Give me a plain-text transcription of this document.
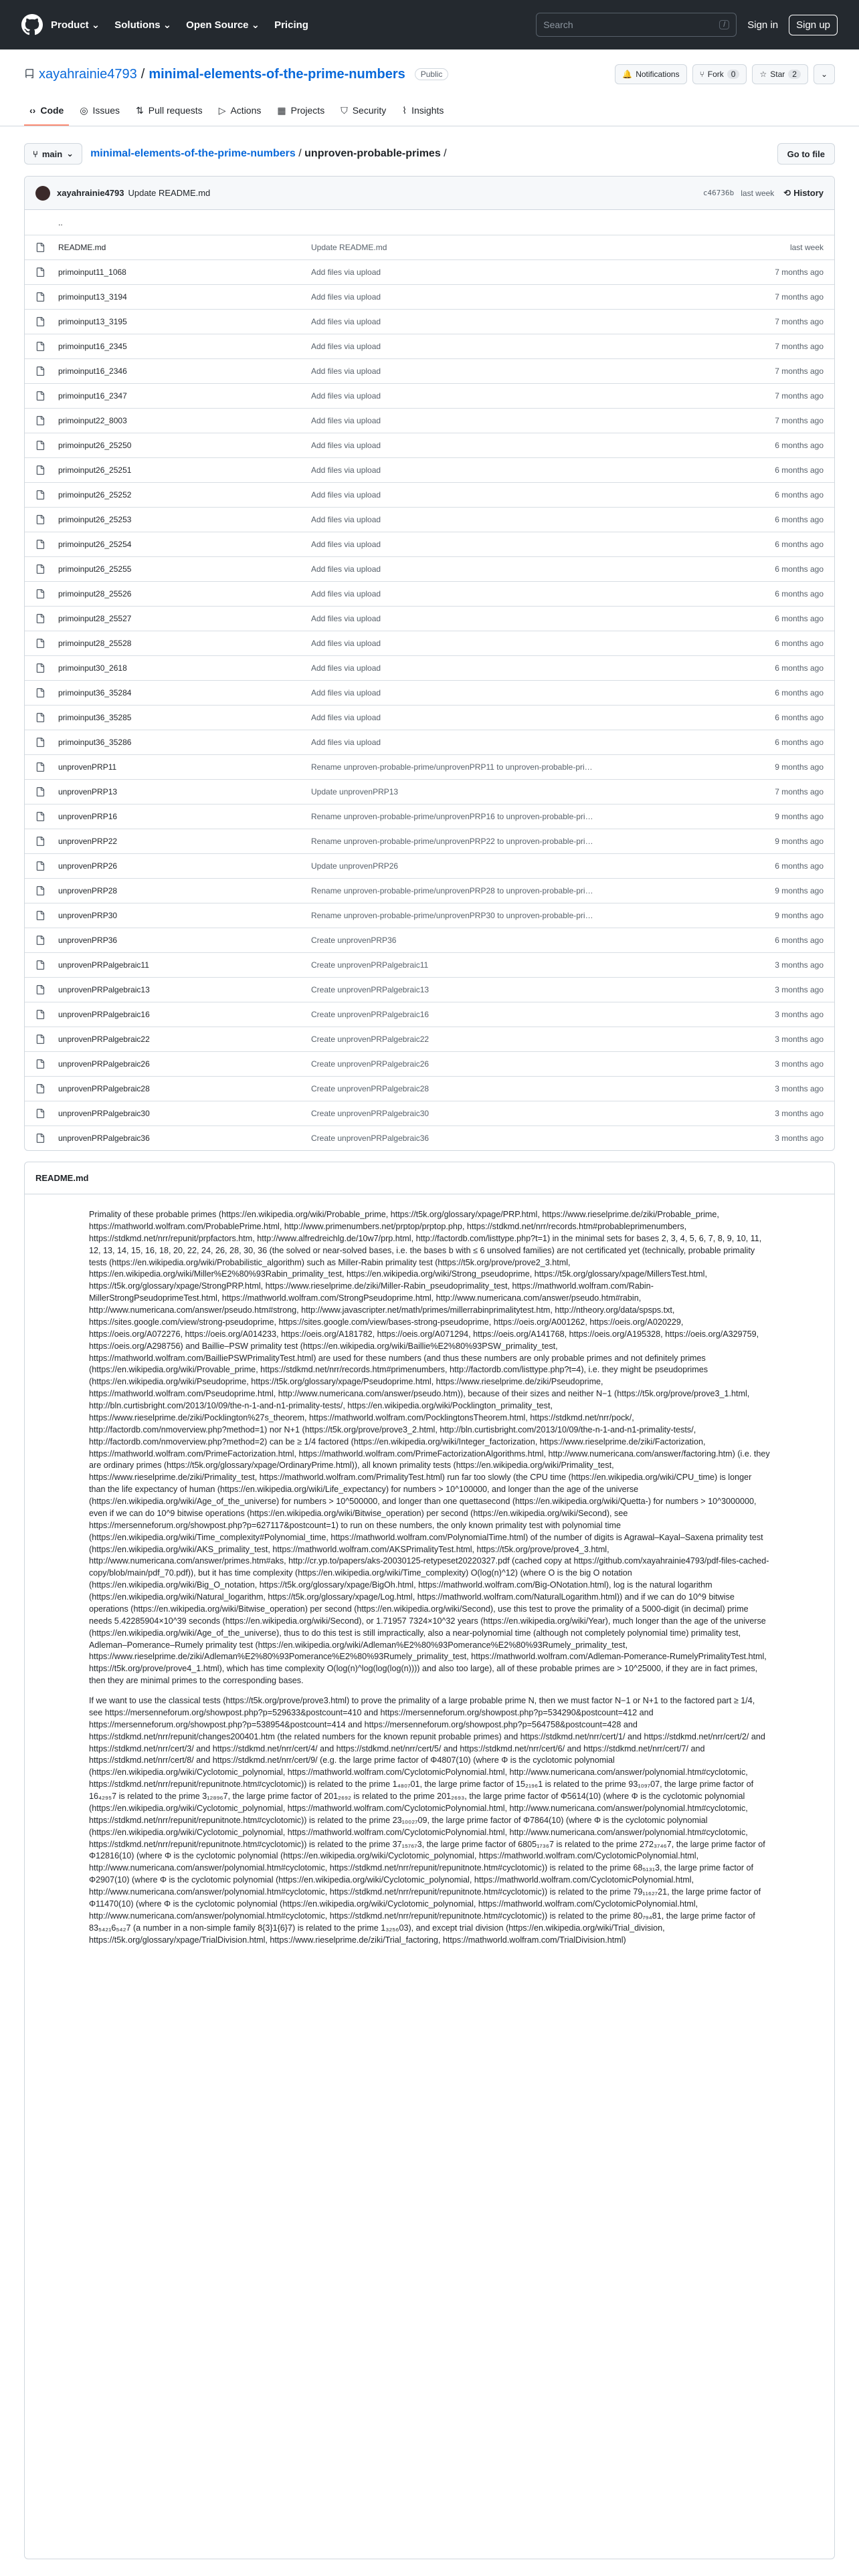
Product ⌄ Solutions ⌄ Open Source ⌄ Pricing	Search	/	Sign in	Sign up
xayahrainie4793 / minimal-elements-of-the-prime-numbers	Public	🔔 Notifications	⑂ Fork 0	☆ Star 2	⌄
‹› Code ◎ Issues ⇅ Pull requests ▷ Actions ▦ Projects ⛉ Security ⌇ Insights
⑂ main ⌄ minimal-elements-of-the-prime-numbers / unproven-probable-primes /	Go to file
xayahrainie4793 Update README.md	c46736b last week ⟲ History
..
README.md	Update README.md	last week
primoinput11_1068	Add files via upload	7 months ago
primoinput13_3194	Add files via upload	7 months ago
primoinput13_3195	Add files via upload	7 months ago
primoinput16_2345	Add files via upload	7 months ago
primoinput16_2346	Add files via upload	7 months ago
primoinput16_2347	Add files via upload	7 months ago
primoinput22_8003	Add files via upload	7 months ago
primoinput26_25250	Add files via upload	6 months ago
primoinput26_25251	Add files via upload	6 months ago
primoinput26_25252	Add files via upload	6 months ago
primoinput26_25253	Add files via upload	6 months ago
primoinput26_25254	Add files via upload	6 months ago
primoinput26_25255	Add files via upload	6 months ago
primoinput28_25526	Add files via upload	6 months ago
primoinput28_25527	Add files via upload	6 months ago
primoinput28_25528	Add files via upload	6 months ago
primoinput30_2618	Add files via upload	6 months ago
primoinput36_35284	Add files via upload	6 months ago
primoinput36_35285	Add files via upload	6 months ago
primoinput36_35286	Add files via upload	6 months ago
unprovenPRP11	Rename unproven-probable-prime/unprovenPRP11 to unproven-probable-pri…	9 months ago
unprovenPRP13	Update unprovenPRP13	7 months ago
unprovenPRP16	Rename unproven-probable-prime/unprovenPRP16 to unproven-probable-pri…	9 months ago
unprovenPRP22	Rename unproven-probable-prime/unprovenPRP22 to unproven-probable-pri…	9 months ago
unprovenPRP26	Update unprovenPRP26	6 months ago
unprovenPRP28	Rename unproven-probable-prime/unprovenPRP28 to unproven-probable-pri…	9 months ago
unprovenPRP30	Rename unproven-probable-prime/unprovenPRP30 to unproven-probable-pri…	9 months ago
unprovenPRP36	Create unprovenPRP36	6 months ago
unprovenPRPalgebraic11	Create unprovenPRPalgebraic11	3 months ago
unprovenPRPalgebraic13	Create unprovenPRPalgebraic13	3 months ago
unprovenPRPalgebraic16	Create unprovenPRPalgebraic16	3 months ago
unprovenPRPalgebraic22	Create unprovenPRPalgebraic22	3 months ago
unprovenPRPalgebraic26	Create unprovenPRPalgebraic26	3 months ago
unprovenPRPalgebraic28	Create unprovenPRPalgebraic28	3 months ago
unprovenPRPalgebraic30	Create unprovenPRPalgebraic30	3 months ago
unprovenPRPalgebraic36	Create unprovenPRPalgebraic36	3 months ago
README.md

Primality of these probable primes (https://en.wikipedia.org/wiki/Probable_prime, https://t5k.org/glossary/xpage/PRP.html, https://www.rieselprime.de/ziki/Probable_prime, https://mathworld.wolfram.com/ProbablePrime.html, http://www.primenumbers.net/prptop/prptop.php, https://stdkmd.net/nrr/records.htm#probableprimenumbers, https://stdkmd.net/nrr/repunit/prpfactors.htm, http://www.alfredreichlg.de/10w7/prp.html, http://factordb.com/listtype.php?t=1) in the minimal sets for bases 2, 3, 4, 5, 6, 7, 8, 9, 10, 11, 12, 13, 14, 15, 16, 18, 20, 22, 24, 26, 28, 30, 36 (the solved or near-solved bases, i.e. the bases b with ≤ 6 unsolved families) are not certificated yet (technically, probable primality tests (https://en.wikipedia.org/wiki/Probabilistic_algorithm) such as Miller-Rabin primality test (https://t5k.org/prove/prove2_3.html, https://en.wikipedia.org/wiki/Miller%E2%80%93Rabin_primality_test, https://en.wikipedia.org/wiki/Strong_pseudoprime, https://t5k.org/glossary/xpage/MillersTest.html, https://t5k.org/glossary/xpage/StrongPRP.html, https://www.rieselprime.de/ziki/Miller-Rabin_pseudoprimality_test, https://mathworld.wolfram.com/Rabin-MillerStrongPseudoprimeTest.html, https://mathworld.wolfram.com/StrongPseudoprime.html, http://www.numericana.com/answer/pseudo.htm#rabin, http://www.numericana.com/answer/pseudo.htm#strong, http://www.javascripter.net/math/primes/millerrabinprimalitytest.htm, http://ntheory.org/data/spsps.txt, https://sites.google.com/view/strong-pseudoprime, https://sites.google.com/view/bases-strong-pseudoprime, https://oeis.org/A001262, https://oeis.org/A020229, https://oeis.org/A072276, https://oeis.org/A014233, https://oeis.org/A181782, https://oeis.org/A071294, https://oeis.org/A141768, https://oeis.org/A195328, https://oeis.org/A329759, https://oeis.org/A298756) and Baillie–PSW primality test (https://en.wikipedia.org/wiki/Baillie%E2%80%93PSW_primality_test, https://mathworld.wolfram.com/BailliePSWPrimalityTest.html) are used for these numbers (and thus these numbers are only probable primes and not definitely primes (https://en.wikipedia.org/wiki/Provable_prime, https://stdkmd.net/nrr/records.htm#primenumbers, http://factordb.com/listtype.php?t=4), i.e. they might be pseudoprimes (https://en.wikipedia.org/wiki/Pseudoprime, https://t5k.org/glossary/xpage/Pseudoprime.html, https://www.rieselprime.de/ziki/Pseudoprime, https://mathworld.wolfram.com/Pseudoprime.html, http://www.numericana.com/answer/pseudo.htm)), because of their sizes and neither N−1 (https://t5k.org/prove/prove3_1.html, http://bln.curtisbright.com/2013/10/09/the-n-1-and-n1-primality-tests/, https://en.wikipedia.org/wiki/Pocklington_primality_test, https://www.rieselprime.de/ziki/Pocklington%27s_theorem, https://mathworld.wolfram.com/PocklingtonsTheorem.html, https://stdkmd.net/nrr/pock/, http://factordb.com/nmoverview.php?method=1) nor N+1 (https://t5k.org/prove/prove3_2.html, http://bln.curtisbright.com/2013/10/09/the-n-1-and-n1-primality-tests/, http://factordb.com/nmoverview.php?method=2) can be ≥ 1/4 factored (https://en.wikipedia.org/wiki/Integer_factorization, https://www.rieselprime.de/ziki/Factorization, https://mathworld.wolfram.com/PrimeFactorization.html, https://mathworld.wolfram.com/PrimeFactorizationAlgorithms.html, http://www.numericana.com/answer/factoring.htm) (i.e. they are ordinary primes (https://t5k.org/glossary/xpage/OrdinaryPrime.html)), all known primality tests (https://en.wikipedia.org/wiki/Primality_test, https://www.rieselprime.de/ziki/Primality_test, https://mathworld.wolfram.com/PrimalityTest.html) run far too slowly (the CPU time (https://en.wikipedia.org/wiki/CPU_time) is longer than the life expectancy of human (https://en.wikipedia.org/wiki/Life_expectancy) for numbers > 10^100000, and longer than the age of the universe (https://en.wikipedia.org/wiki/Age_of_the_universe) for numbers > 10^500000, and longer than one quettasecond (https://en.wikipedia.org/wiki/Quetta-) for numbers > 10^3000000, even if we can do 10^9 bitwise operations (https://en.wikipedia.org/wiki/Bitwise_operation) per second (https://en.wikipedia.org/wiki/Second), see https://mersenneforum.org/showpost.php?p=627117&postcount=1) to run on these numbers, the only known primality test with polynomial time (https://en.wikipedia.org/wiki/Time_complexity#Polynomial_time, https://mathworld.wolfram.com/PolynomialTime.html) of the number of digits is Agrawal–Kayal–Saxena primality test (https://en.wikipedia.org/wiki/AKS_primality_test, https://mathworld.wolfram.com/AKSPrimalityTest.html, https://t5k.org/prove/prove4_3.html, http://www.numericana.com/answer/primes.htm#aks, http://cr.yp.to/papers/aks-20030125-retypeset20220327.pdf (cached copy at https://github.com/xayahrainie4793/pdf-files-cached-copy/blob/main/pdf_70.pdf)), but it has time complexity (https://en.wikipedia.org/wiki/Time_complexity) O(log(n)^12) (where O is the big O notation (https://en.wikipedia.org/wiki/Big_O_notation, https://t5k.org/glossary/xpage/BigOh.html, https://mathworld.wolfram.com/Big-ONotation.html), log is the natural logarithm (https://en.wikipedia.org/wiki/Natural_logarithm, https://t5k.org/glossary/xpage/Log.html, https://mathworld.wolfram.com/NaturalLogarithm.html)) and if we can do 10^9 bitwise operations (https://en.wikipedia.org/wiki/Bitwise_operation) per second (https://en.wikipedia.org/wiki/Second), use this test to prove the primality of a 5000-digit (in decimal) prime needs 5.42285904×10^39 seconds (https://en.wikipedia.org/wiki/Second), or 1.71957 7324×10^32 years (https://en.wikipedia.org/wiki/Year), much longer than the age of the universe (https://en.wikipedia.org/wiki/Age_of_the_universe), thus to do this test is still impractically, also a near-polynomial time (although not completely polynomial time) primality test, Adleman–Pomerance–Rumely primality test (https://en.wikipedia.org/wiki/Adleman%E2%80%93Pomerance%E2%80%93Rumely_primality_test, https://www.rieselprime.de/ziki/Adleman%E2%80%93Pomerance%E2%80%93Rumely_primality_test, https://mathworld.wolfram.com/Adleman-Pomerance-RumelyPrimalityTest.html, https://t5k.org/prove/prove4_1.html), which has time complexity O(log(n)^log(log(log(n)))) and also too large), all of these probable primes are > 10^25000, if they are in fact primes, then they are minimal primes to the corresponding bases.

If we want to use the classical tests (https://t5k.org/prove/prove3.html) to prove the primality of a large probable prime N, then we must factor N−1 or N+1 to the factored part ≥ 1/4, see https://mersenneforum.org/showpost.php?p=529633&postcount=410 and https://mersenneforum.org/showpost.php?p=534290&postcount=412 and https://mersenneforum.org/showpost.php?p=538954&postcount=414 and https://mersenneforum.org/showpost.php?p=564758&postcount=428 and https://stdkmd.net/nrr/repunit/changes200401.htm (the related numbers for the known repunit probable primes) and https://stdkmd.net/nrr/cert/1/ and https://stdkmd.net/nrr/cert/2/ and https://stdkmd.net/nrr/cert/3/ and https://stdkmd.net/nrr/cert/4/ and https://stdkmd.net/nrr/cert/5/ and https://stdkmd.net/nrr/cert/6/ and https://stdkmd.net/nrr/cert/7/ and https://stdkmd.net/nrr/cert/8/ and https://stdkmd.net/nrr/cert/9/ (e.g. the large prime factor of Φ4807(10) (where Φ is the cyclotomic polynomial (https://en.wikipedia.org/wiki/Cyclotomic_polynomial, https://mathworld.wolfram.com/CyclotomicPolynomial.html, http://www.numericana.com/answer/polynomial.htm#cyclotomic, https://stdkmd.net/nrr/repunit/repunitnote.htm#cyclotomic)) is related to the prime 1₄₈₀₇01, the large prime factor of 15₂₁₉₆1 is related to the prime 93₁₀₉₇07, the large prime factor of 16₄₂₉₅7 is related to the prime 3₁₂₈₉₆7, the large prime factor of 201₂₆₉₂ is related to the prime 201₂₆₉₃, the large prime factor of Φ5614(10) (where Φ is the cyclotomic polynomial (https://en.wikipedia.org/wiki/Cyclotomic_polynomial, https://mathworld.wolfram.com/CyclotomicPolynomial.html, http://www.numericana.com/answer/polynomial.htm#cyclotomic, https://stdkmd.net/nrr/repunit/repunitnote.htm#cyclotomic)) is related to the prime 23₁₀₀₂₇09, the large prime factor of Φ7864(10) (where Φ is the cyclotomic polynomial (https://en.wikipedia.org/wiki/Cyclotomic_polynomial, https://mathworld.wolfram.com/CyclotomicPolynomial.html, http://www.numericana.com/answer/polynomial.htm#cyclotomic, https://stdkmd.net/nrr/repunit/repunitnote.htm#cyclotomic)) is related to the prime 37₁₅₇₆₇3, the large prime factor of 6805₁₇₃₆7 is related to the prime 272₃₇₄₆7, the large prime factor of Φ12816(10) (where Φ is the cyclotomic polynomial (https://en.wikipedia.org/wiki/Cyclotomic_polynomial, https://mathworld.wolfram.com/CyclotomicPolynomial.html, http://www.numericana.com/answer/polynomial.htm#cyclotomic, https://stdkmd.net/nrr/repunit/repunitnote.htm#cyclotomic)) is related to the prime 68₅₁₃₁3, the large prime factor of Φ2907(10) (where Φ is the cyclotomic polynomial (https://en.wikipedia.org/wiki/Cyclotomic_polynomial, https://mathworld.wolfram.com/CyclotomicPolynomial.html, http://www.numericana.com/answer/polynomial.htm#cyclotomic, https://stdkmd.net/nrr/repunit/repunitnote.htm#cyclotomic)) is related to the prime 79₁₁₆₂₇21, the large prime factor of Φ11470(10) (where Φ is the cyclotomic polynomial (https://en.wikipedia.org/wiki/Cyclotomic_polynomial, https://mathworld.wolfram.com/CyclotomicPolynomial.html, http://www.numericana.com/answer/polynomial.htm#cyclotomic, https://stdkmd.net/nrr/repunit/repunitnote.htm#cyclotomic)) is related to the prime 80₇₉₄81, the large prime factor of 83₅₄₂₁6₅₄₂7 (a number in a non-simple family 8{3}1{6}7) is related to the prime 1₃₂₅₆03), and except trial division (https://en.wikipedia.org/wiki/Trial_division, https://t5k.org/glossary/xpage/TrialDivision.html, https://www.rieselprime.de/ziki/Trial_factoring, https://mathworld.wolfram.com/TrialDivision.html)
